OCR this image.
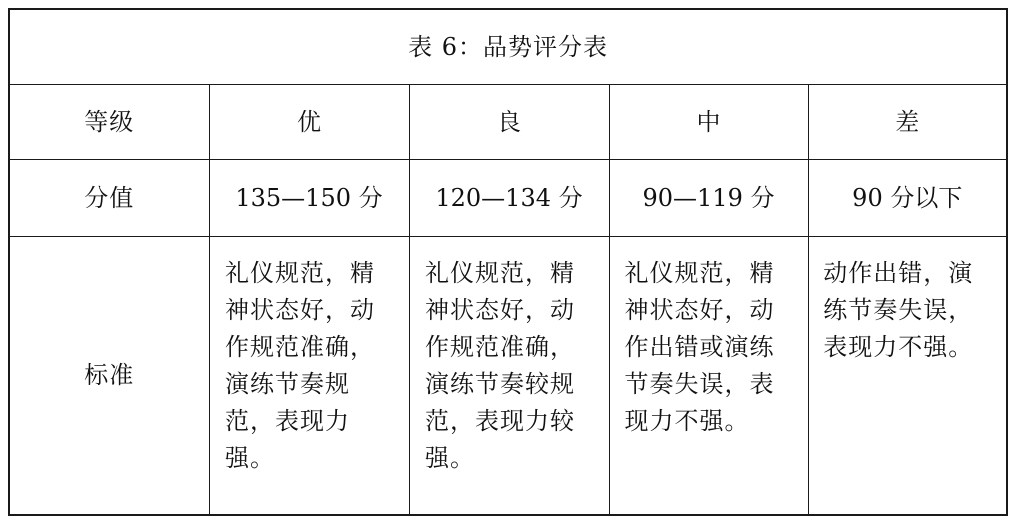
表 6：品势评分表				
等级	优	良	中	差
分值	135—150 分	120—134 分	90—119 分	90 分以下
标准	礼仪规范，精神状态好，动作规范准确，演练节奏规范，表现力强。	礼仪规范，精神状态好，动作规范准确，演练节奏较规范，表现力较强。	礼仪规范，精神状态好，动作出错或演练节奏失误，表现力不强。	动作出错，演练节奏失误，表现力不强。
